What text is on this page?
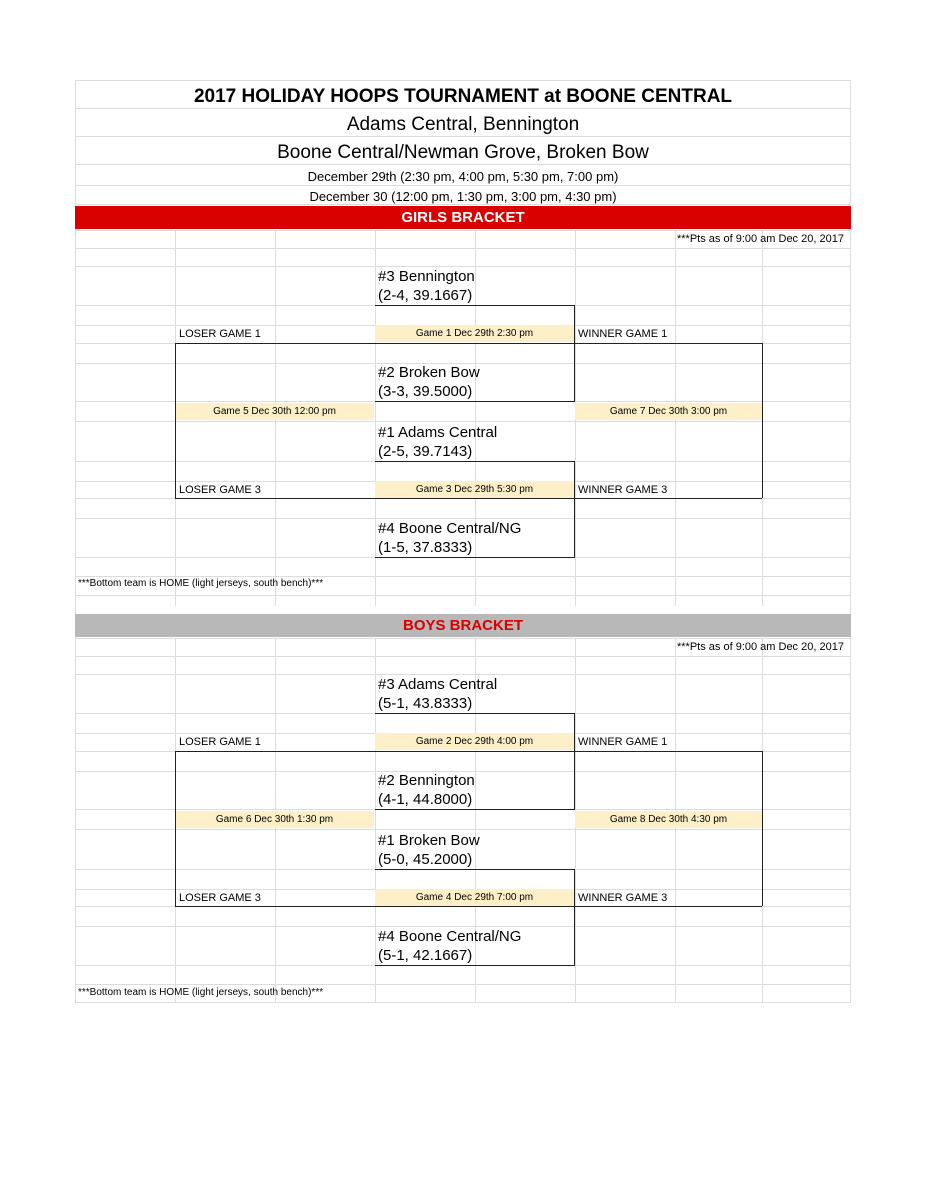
2017 HOLIDAY HOOPS TOURNAMENT at BOONE CENTRAL
Adams Central, Bennington
Boone Central/Newman Grove, Broken Bow
December 29th (2:30 pm, 4:00 pm, 5:30 pm, 7:00 pm)
December 30 (12:00 pm, 1:30 pm, 3:00 pm, 4:30 pm)
GIRLS BRACKET
***Pts as of 9:00 am Dec 20, 2017
#3 Bennington
(2-4, 39.1667)
#2 Broken Bow
(3-3, 39.5000)
#1 Adams Central
(2-5, 39.7143)
#4 Boone Central/NG
(1-5, 37.8333)
Game 1 Dec 29th 2:30 pm
Game 3 Dec 29th 5:30 pm
Game 5 Dec 30th 12:00 pm	Game 7 Dec 30th 3:00 pm
LOSER GAME 1	WINNER GAME 1
LOSER GAME 3	WINNER GAME 3
***Bottom team is HOME (light jerseys, south bench)***
BOYS BRACKET
***Pts as of 9:00 am Dec 20, 2017
#3 Adams Central
(5-1, 43.8333)
#2 Bennington
(4-1, 44.8000)
#1 Broken Bow
(5-0, 45.2000)
#4 Boone Central/NG
(5-1, 42.1667)
Game 2 Dec 29th 4:00 pm
Game 4 Dec 29th 7:00 pm
Game 6 Dec 30th 1:30 pm	Game 8 Dec 30th 4:30 pm
LOSER GAME 1	WINNER GAME 1
LOSER GAME 3	WINNER GAME 3
***Bottom team is HOME (light jerseys, south bench)***
